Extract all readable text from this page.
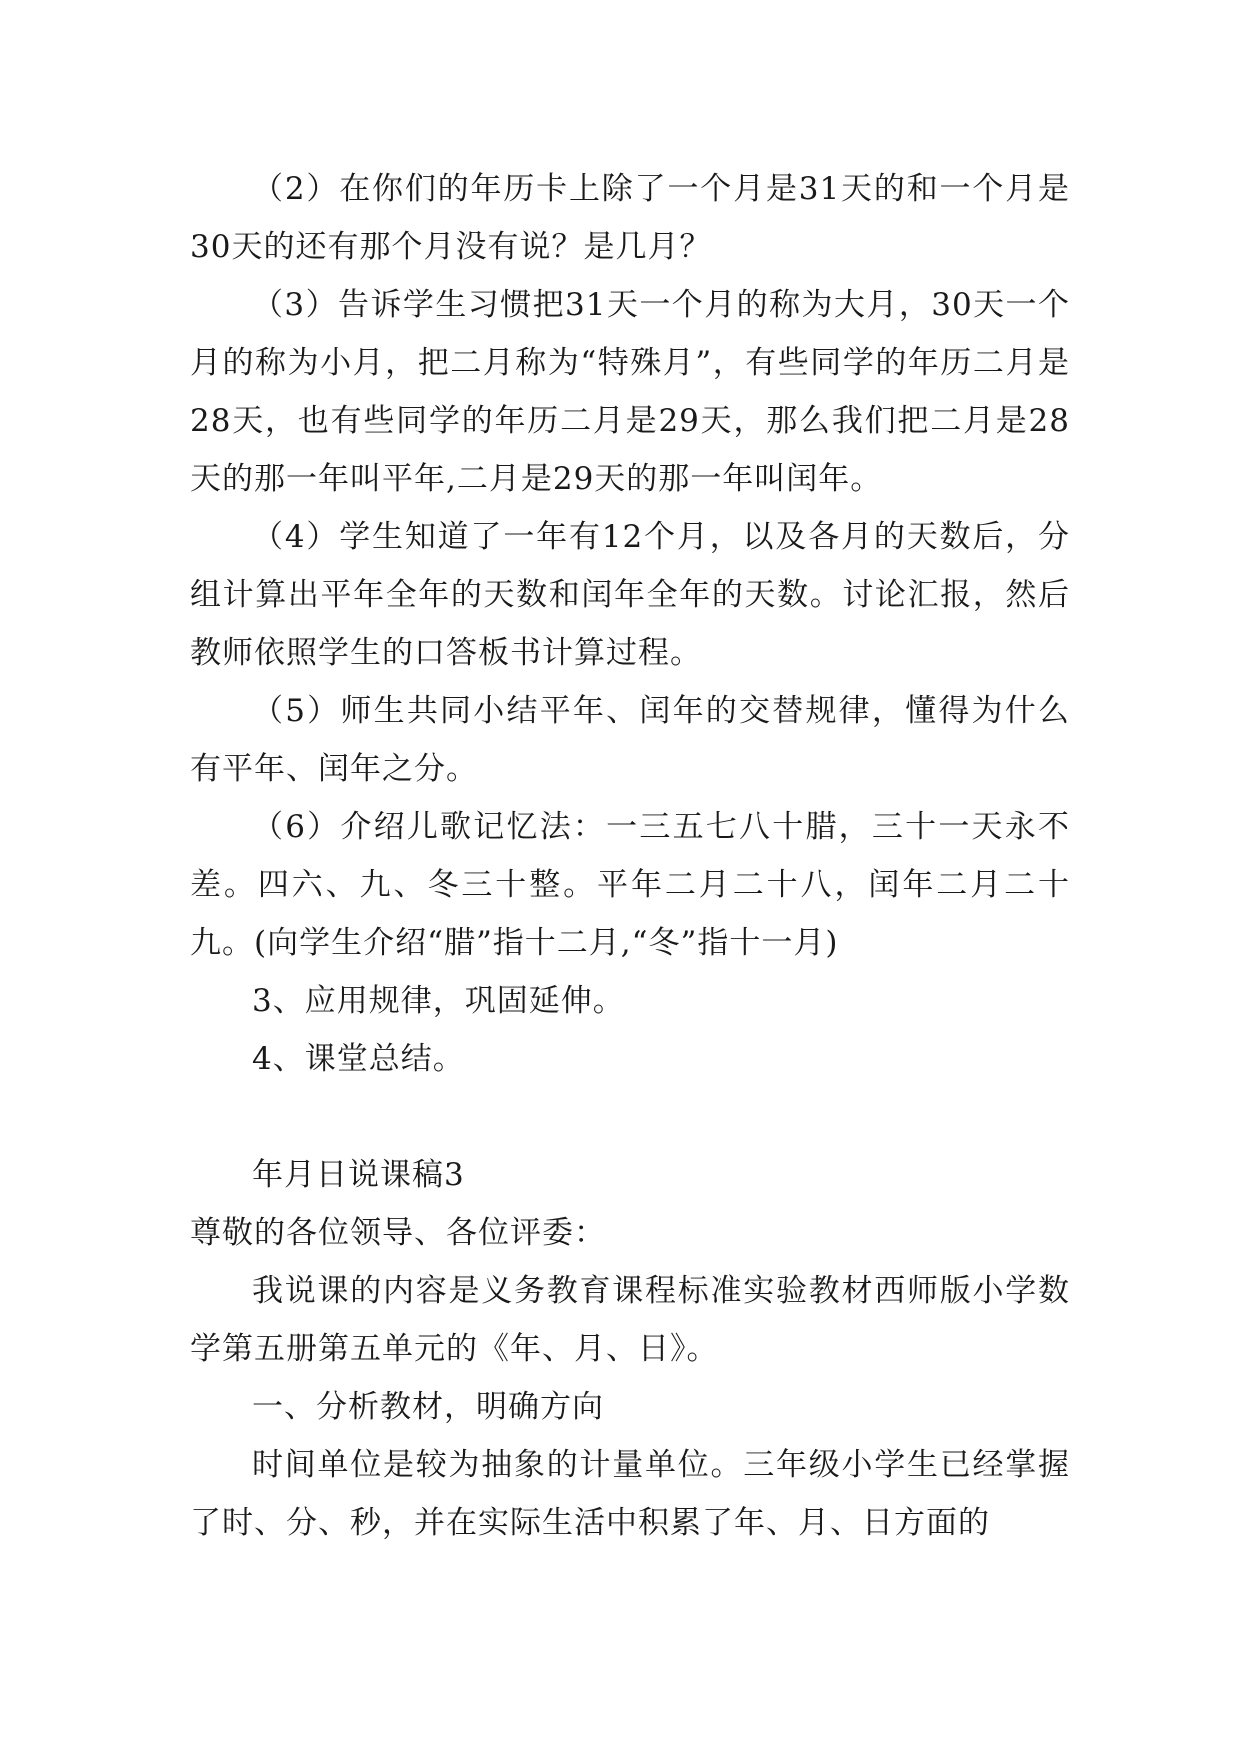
（2）在你们的年历卡上除了一个月是31天的和一个月是30天的还有那个月没有说？是几月？

（3）告诉学生习惯把31天一个月的称为大月，30天一个月的称为小月，把二月称为“特殊月”，有些同学的年历二月是28天，也有些同学的年历二月是29天，那么我们把二月是28天的那一年叫平年,二月是29天的那一年叫闰年。

（4）学生知道了一年有12个月，以及各月的天数后，分组计算出平年全年的天数和闰年全年的天数。讨论汇报，然后教师依照学生的口答板书计算过程。

（5）师生共同小结平年、闰年的交替规律，懂得为什么有平年、闰年之分。

（6）介绍儿歌记忆法：一三五七八十腊，三十一天永不差。四六、九、冬三十整。平年二月二十八，闰年二月二十九。(向学生介绍“腊”指十二月,“冬”指十一月)

3、应用规律，巩固延伸。

4、课堂总结。

年月日说课稿3

尊敬的各位领导、各位评委：

我说课的内容是义务教育课程标准实验教材西师版小学数学第五册第五单元的《年、月、日》。

一、分析教材，明确方向

时间单位是较为抽象的计量单位。三年级小学生已经掌握了时、分、秒，并在实际生活中积累了年、月、日方面的
